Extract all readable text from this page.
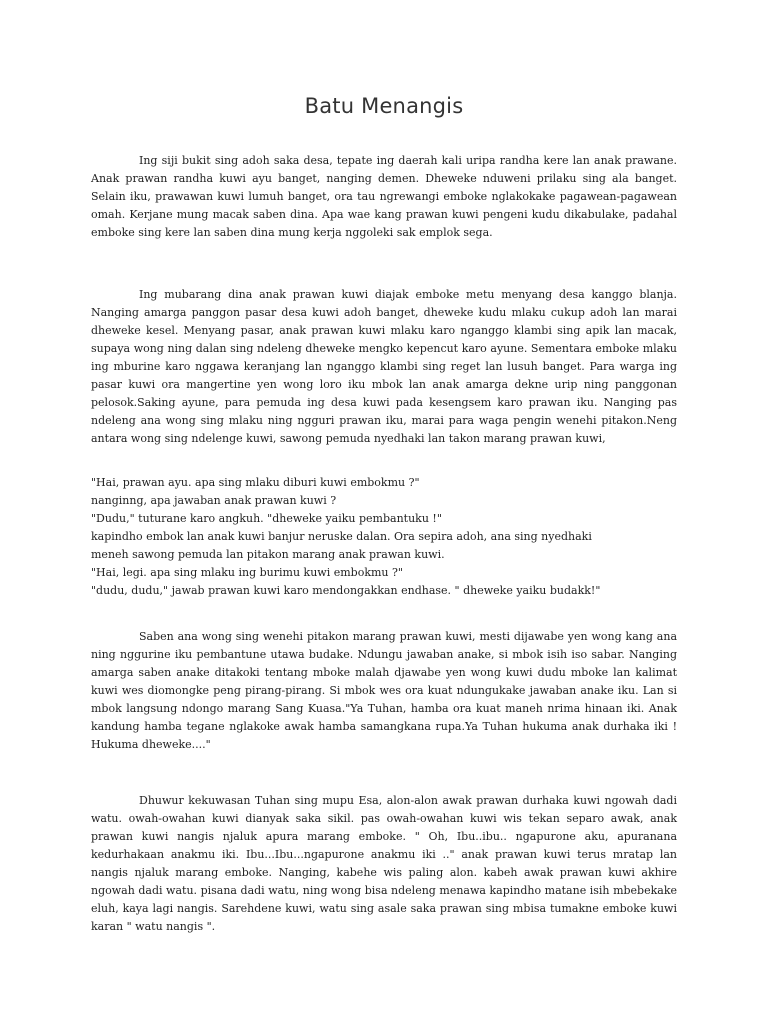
Batu Menangis

Ing siji bukit sing adoh saka desa, tepate ing daerah kali uripa randha kere lan anak prawane. Anak prawan randha kuwi ayu banget, nanging demen. Dheweke nduweni prilaku sing ala banget. Selain iku, prawawan kuwi lumuh banget, ora tau ngrewangi emboke nglakokake pagawean-pagawean omah. Kerjane mung macak saben dina. Apa wae kang prawan kuwi pengeni kudu dikabulake, padahal emboke sing kere lan saben dina mung kerja nggoleki sak emplok sega.

Ing mubarang dina anak prawan kuwi diajak emboke metu menyang desa kanggo blanja. Nanging amarga panggon pasar desa kuwi adoh banget, dheweke kudu mlaku cukup adoh lan marai dheweke kesel. Menyang pasar, anak prawan kuwi mlaku karo nganggo klambi sing apik lan macak, supaya wong ning dalan sing ndeleng dheweke mengko kepencut karo ayune. Sementara emboke mlaku ing mburine karo nggawa keranjang lan nganggo klambi sing reget lan lusuh banget. Para warga ing pasar kuwi ora mangertine yen wong loro iku mbok lan anak amarga dekne urip ning panggonan pelosok.Saking ayune, para pemuda ing desa kuwi pada kesengsem karo prawan iku. Nanging pas ndeleng ana wong sing mlaku ning ngguri prawan iku, marai para waga pengin wenehi pitakon.Neng antara wong sing ndelenge kuwi, sawong pemuda nyedhaki lan takon marang prawan kuwi,

"Hai, prawan ayu. apa sing mlaku diburi kuwi embokmu ?"
nanginng, apa jawaban anak prawan kuwi ?
"Dudu," tuturane karo angkuh. "dheweke yaiku pembantuku !"
kapindho embok lan anak kuwi banjur neruske dalan. Ora sepira adoh, ana sing nyedhaki
meneh sawong pemuda lan pitakon marang anak prawan kuwi.
"Hai, legi. apa sing mlaku ing burimu kuwi embokmu ?"
"dudu, dudu," jawab prawan kuwi karo mendongakkan endhase. " dheweke yaiku budakk!"

Saben ana wong sing wenehi pitakon marang prawan kuwi, mesti dijawabe yen wong kang ana ning nggurine iku pembantune utawa budake. Ndungu jawaban anake, si mbok isih iso sabar. Nanging amarga saben anake ditakoki tentang mboke malah djawabe yen wong kuwi dudu mboke lan kalimat kuwi wes diomongke peng pirang-pirang. Si mbok wes ora kuat ndungukake jawaban anake iku. Lan si mbok langsung ndongo marang Sang Kuasa."Ya Tuhan, hamba ora kuat maneh nrima hinaan iki. Anak kandung hamba tegane nglakoke awak hamba samangkana rupa.Ya Tuhan hukuma anak durhaka iki ! Hukuma dheweke...."

Dhuwur kekuwasan Tuhan sing mupu Esa, alon-alon awak prawan durhaka kuwi ngowah dadi watu. owah-owahan kuwi dianyak saka sikil. pas owah-owahan kuwi wis tekan separo awak, anak prawan kuwi nangis njaluk apura marang emboke. " Oh, Ibu..ibu.. ngapurone aku, apuranana kedurhakaan anakmu iki. Ibu...Ibu...ngapurone anakmu iki .." anak prawan kuwi terus mratap lan nangis njaluk marang emboke. Nanging, kabehe wis paling alon. kabeh awak prawan kuwi akhire ngowah dadi watu. pisana dadi watu, ning wong bisa ndeleng menawa kapindho matane isih mbebekake eluh, kaya lagi nangis. Sarehdene kuwi, watu sing asale saka prawan sing mbisa tumakne emboke kuwi karan " watu nangis ".
